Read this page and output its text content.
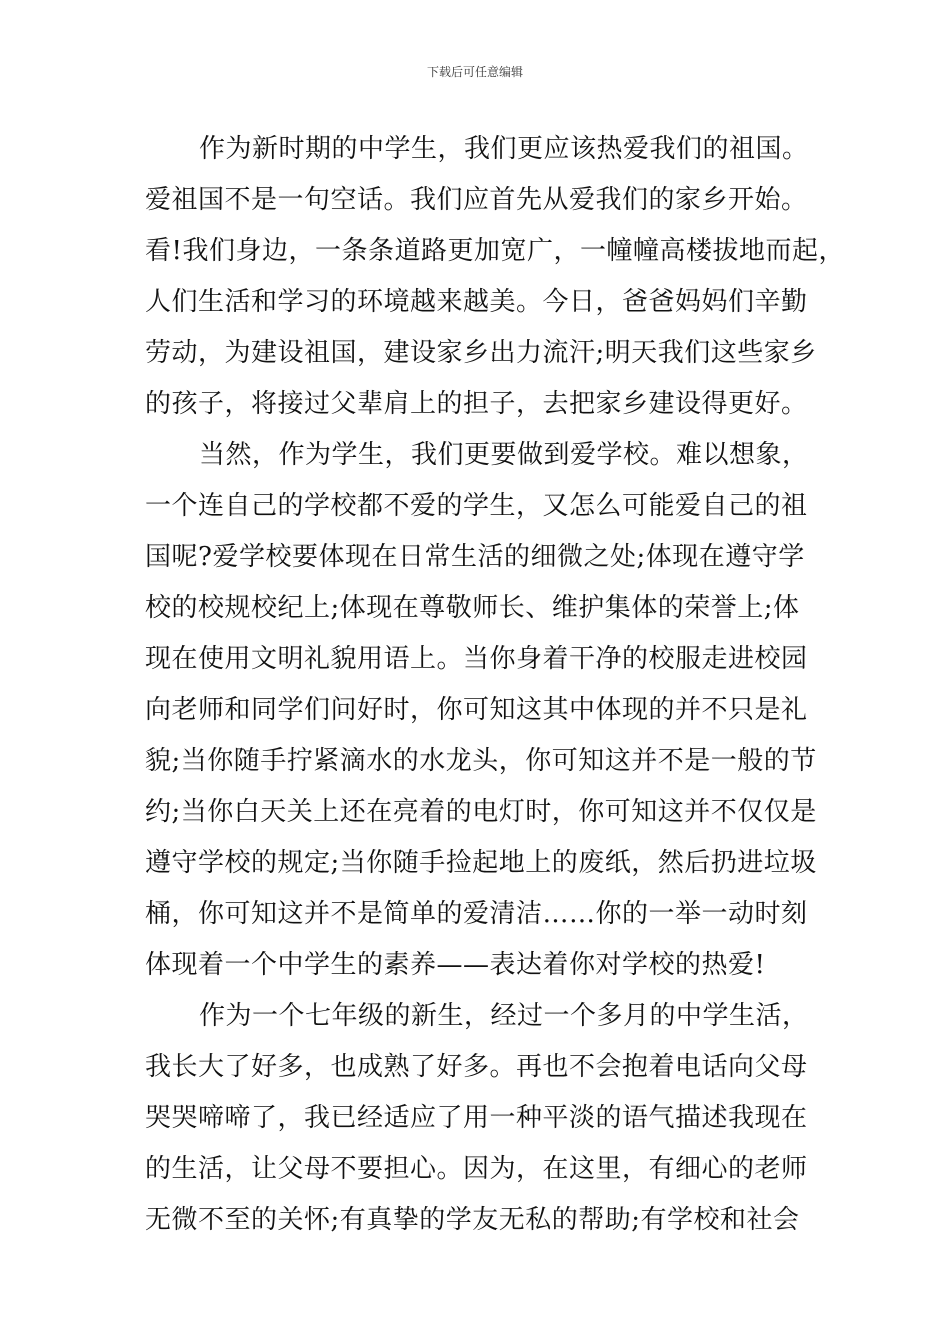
下载后可任意编辑
作为新时期的中学生，我们更应该热爱我们的祖国。
爱祖国不是一句空话。我们应首先从爱我们的家乡开始。
看!我们身边，一条条道路更加宽广，一幢幢高楼拔地而起，
人们生活和学习的环境越来越美。今日，爸爸妈妈们辛勤
劳动，为建设祖国，建设家乡出力流汗;明天我们这些家乡
的孩子，将接过父辈肩上的担子，去把家乡建设得更好。
当然，作为学生，我们更要做到爱学校。难以想象，
一个连自己的学校都不爱的学生，又怎么可能爱自己的祖
国呢?爱学校要体现在日常生活的细微之处;体现在遵守学
校的校规校纪上;体现在尊敬师长、维护集体的荣誉上;体
现在使用文明礼貌用语上。当你身着干净的校服走进校园
向老师和同学们问好时，你可知这其中体现的并不只是礼
貌;当你随手拧紧滴水的水龙头，你可知这并不是一般的节
约;当你白天关上还在亮着的电灯时，你可知这并不仅仅是
遵守学校的规定;当你随手捡起地上的废纸，然后扔进垃圾
桶，你可知这并不是简单的爱清洁……你的一举一动时刻
体现着一个中学生的素养——表达着你对学校的热爱!
作为一个七年级的新生，经过一个多月的中学生活，
我长大了好多，也成熟了好多。再也不会抱着电话向父母
哭哭啼啼了，我已经适应了用一种平淡的语气描述我现在
的生活，让父母不要担心。因为，在这里，有细心的老师
无微不至的关怀;有真挚的学友无私的帮助;有学校和社会
